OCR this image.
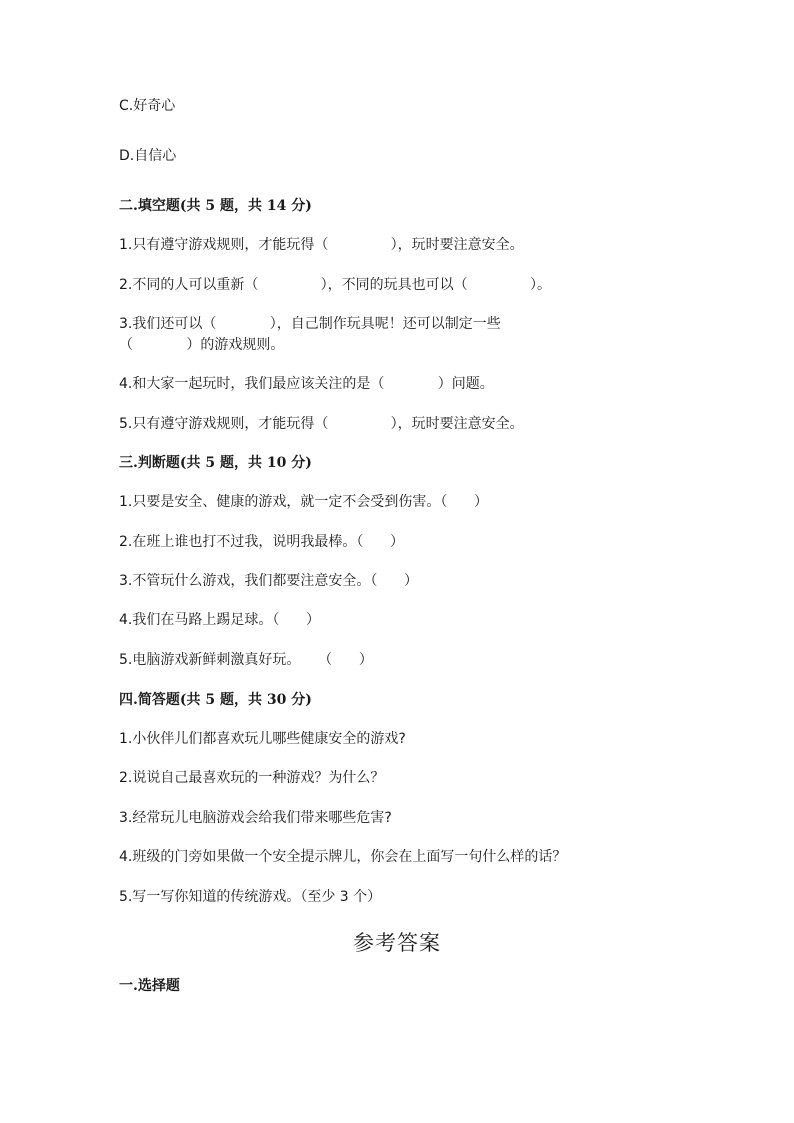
C.好奇心
D.自信心
二.填空题(共 5 题，共 14 分)
1.只有遵守游戏规则，才能玩得（              ），玩时要注意安全。
2.不同的人可以重新（              ），不同的玩具也可以（              ）。
3.我们还可以（            ），自己制作玩具呢！还可以制定一些
（            ）的游戏规则。
4.和大家一起玩时，我们最应该关注的是（            ）问题。
5.只有遵守游戏规则，才能玩得（              ），玩时要注意安全。
三.判断题(共 5 题，共 10 分)
1.只要是安全、健康的游戏，就一定不会受到伤害。（      ）
2.在班上谁也打不过我，说明我最棒。（      ）
3.不管玩什么游戏，我们都要注意安全。（      ）
4.我们在马路上踢足球。（      ）
5.电脑游戏新鲜刺激真好玩。    （      ）
四.简答题(共 5 题，共 30 分)
1.小伙伴儿们都喜欢玩儿哪些健康安全的游戏?
2.说说自己最喜欢玩的一种游戏？为什么？
3.经常玩儿电脑游戏会给我们带来哪些危害?
4.班级的门旁如果做一个安全提示牌儿，你会在上面写一句什么样的话？
5.写一写你知道的传统游戏。（至少 3 个）
参考答案
一.选择题
